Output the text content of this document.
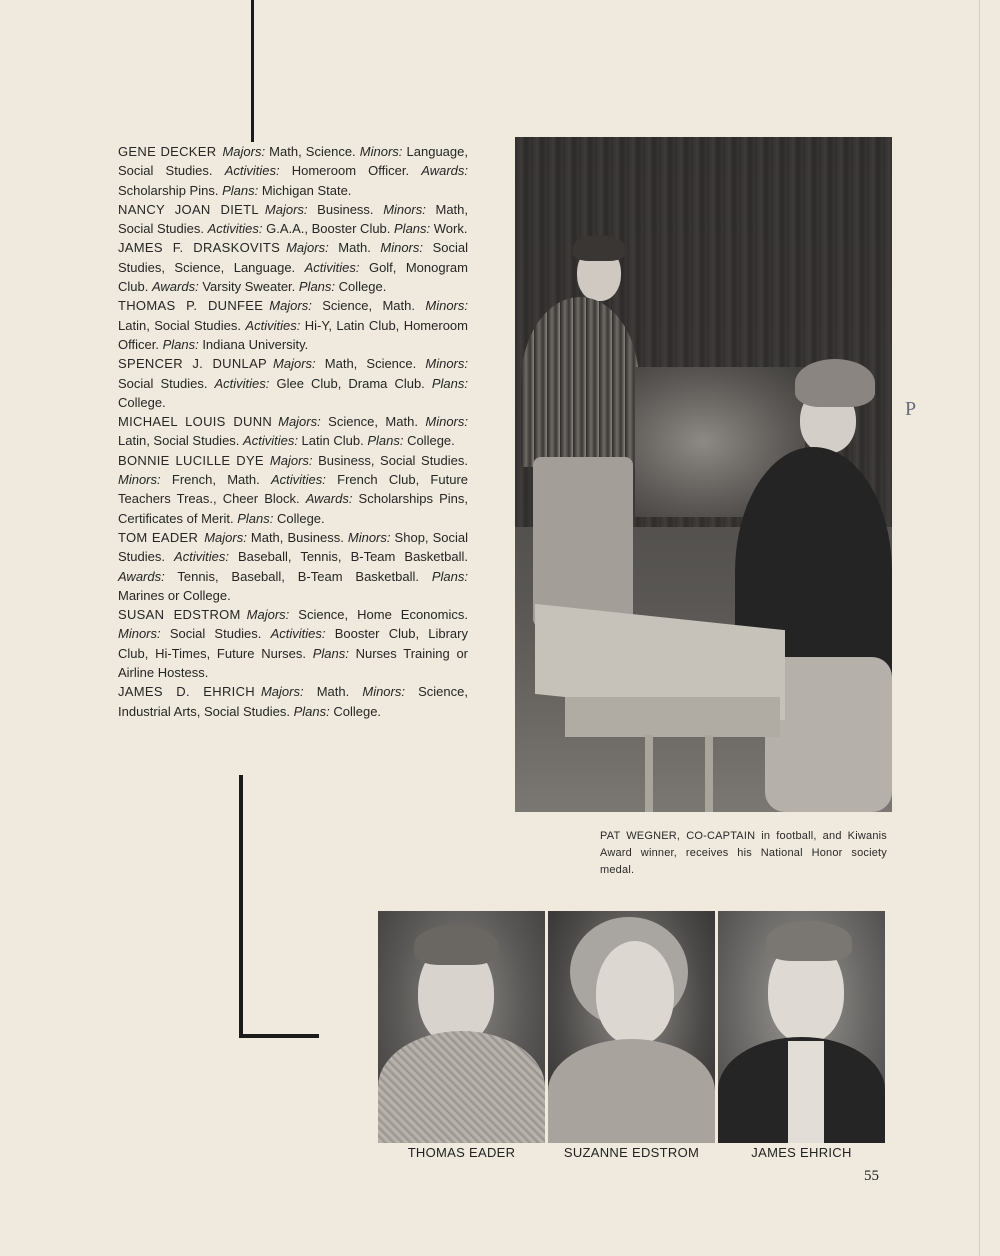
GENE DECKER Majors: Math, Science. Minors: Language, Social Studies. Activities: Homeroom Officer. Awards: Scholarship Pins. Plans: Michigan State.

NANCY JOAN DIETL Majors: Business. Minors: Math, Social Studies. Activities: G.A.A., Booster Club. Plans: Work.

JAMES F. DRASKOVITS Majors: Math. Minors: Social Studies, Science, Language. Activities: Golf, Monogram Club. Awards: Varsity Sweater. Plans: College.

THOMAS P. DUNFEE Majors: Science, Math. Minors: Latin, Social Studies. Activities: Hi-Y, Latin Club, Homeroom Officer. Plans: Indiana University.

SPENCER J. DUNLAP Majors: Math, Science. Minors: Social Studies. Activities: Glee Club, Drama Club. Plans: College.

MICHAEL LOUIS DUNN Majors: Science, Math. Minors: Latin, Social Studies. Activities: Latin Club. Plans: College.

BONNIE LUCILLE DYE Majors: Business, Social Studies. Minors: French, Math. Activities: French Club, Future Teachers Treas., Cheer Block. Awards: Scholarships Pins, Certificates of Merit. Plans: College.

TOM EADER Majors: Math, Business. Minors: Shop, Social Studies. Activities: Baseball, Tennis, B-Team Basketball. Awards: Tennis, Baseball, B-Team Basketball. Plans: Marines or College.

SUSAN EDSTROM Majors: Science, Home Economics. Minors: Social Studies. Activities: Booster Club, Library Club, Hi-Times, Future Nurses. Plans: Nurses Training or Airline Hostess.

JAMES D. EHRICH Majors: Math. Minors: Science, Industrial Arts, Social Studies. Plans: College.

PAT WEGNER, CO-CAPTAIN in football, and Kiwanis Award winner, receives his National Honor society medal.
THOMAS EADER	SUZANNE EDSTROM	JAMES EHRICH
55
P
